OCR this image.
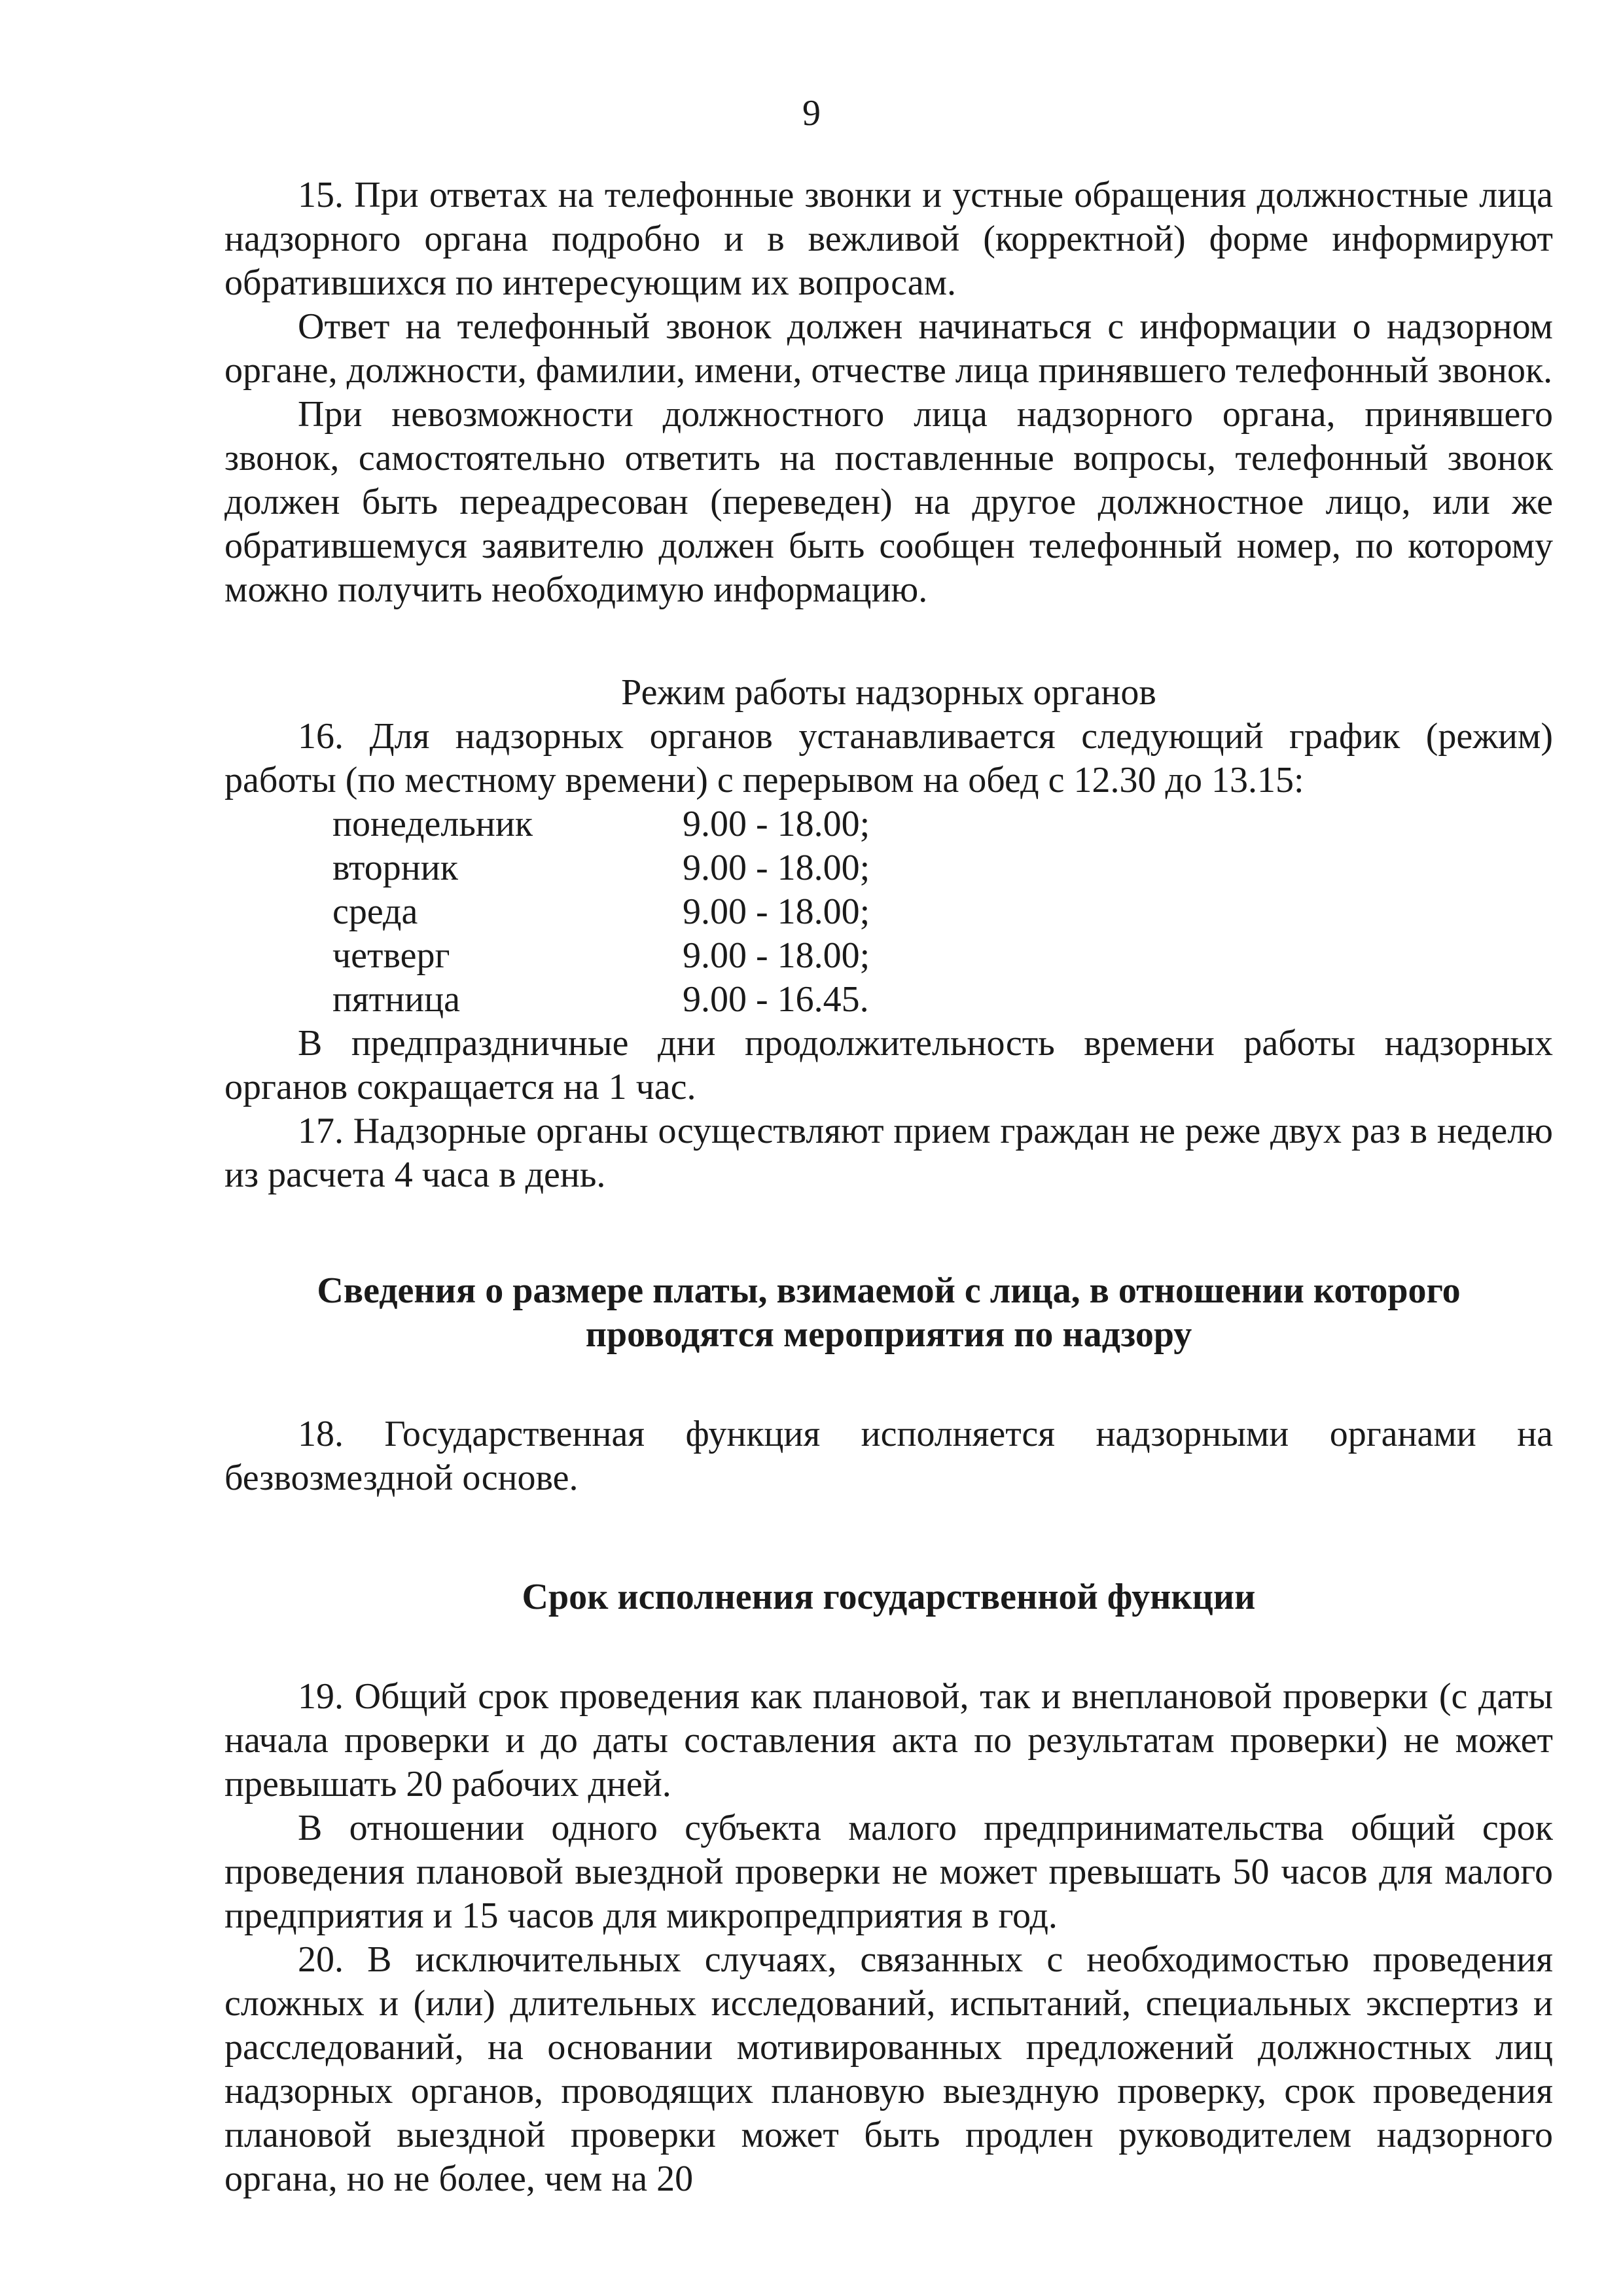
9

15. При ответах на телефонные звонки и устные обращения должностные лица надзорного органа подробно и в вежливой (корректной) форме информируют обратившихся по интересующим их вопросам.

Ответ на телефонный звонок должен начинаться с информации о надзорном органе, должности, фамилии, имени, отчестве лица принявшего телефонный звонок.

При невозможности должностного лица надзорного органа, принявшего звонок, самостоятельно ответить на поставленные вопросы, телефонный звонок должен быть переадресован (переведен) на другое должностное лицо, или же обратившемуся заявителю должен быть сообщен телефонный номер, по которому можно получить необходимую информацию.

Режим работы надзорных органов

16. Для надзорных органов устанавливается следующий график (режим) работы (по местному времени) с перерывом на обед с 12.30 до 13.15:

понедельник	9.00 - 18.00;
вторник	9.00 - 18.00;
среда	9.00 - 18.00;
четверг	9.00 - 18.00;
пятница	9.00 - 16.45.

В предпраздничные дни продолжительность времени работы надзорных органов сокращается на 1 час.

17. Надзорные органы осуществляют прием граждан не реже двух раз в неделю из расчета 4 часа в день.

Сведения о размере платы, взимаемой с лица, в отношении которого проводятся мероприятия по надзору

18. Государственная функция исполняется надзорными органами на безвозмездной основе.

Срок исполнения государственной функции

19. Общий срок проведения как плановой, так и внеплановой проверки (с даты начала проверки и до даты составления акта по результатам проверки) не может превышать 20 рабочих дней.

В отношении одного субъекта малого предпринимательства общий срок проведения плановой выездной проверки не может превышать 50 часов для малого предприятия и 15 часов для микропредприятия в год.

20. В исключительных случаях, связанных с необходимостью проведения сложных и (или) длительных исследований, испытаний, специальных экспертиз и расследований, на основании мотивированных предложений должностных лиц надзорных органов, проводящих плановую выездную проверку, срок проведения плановой выездной проверки может быть продлен руководителем надзорного органа, но не более, чем на 20
